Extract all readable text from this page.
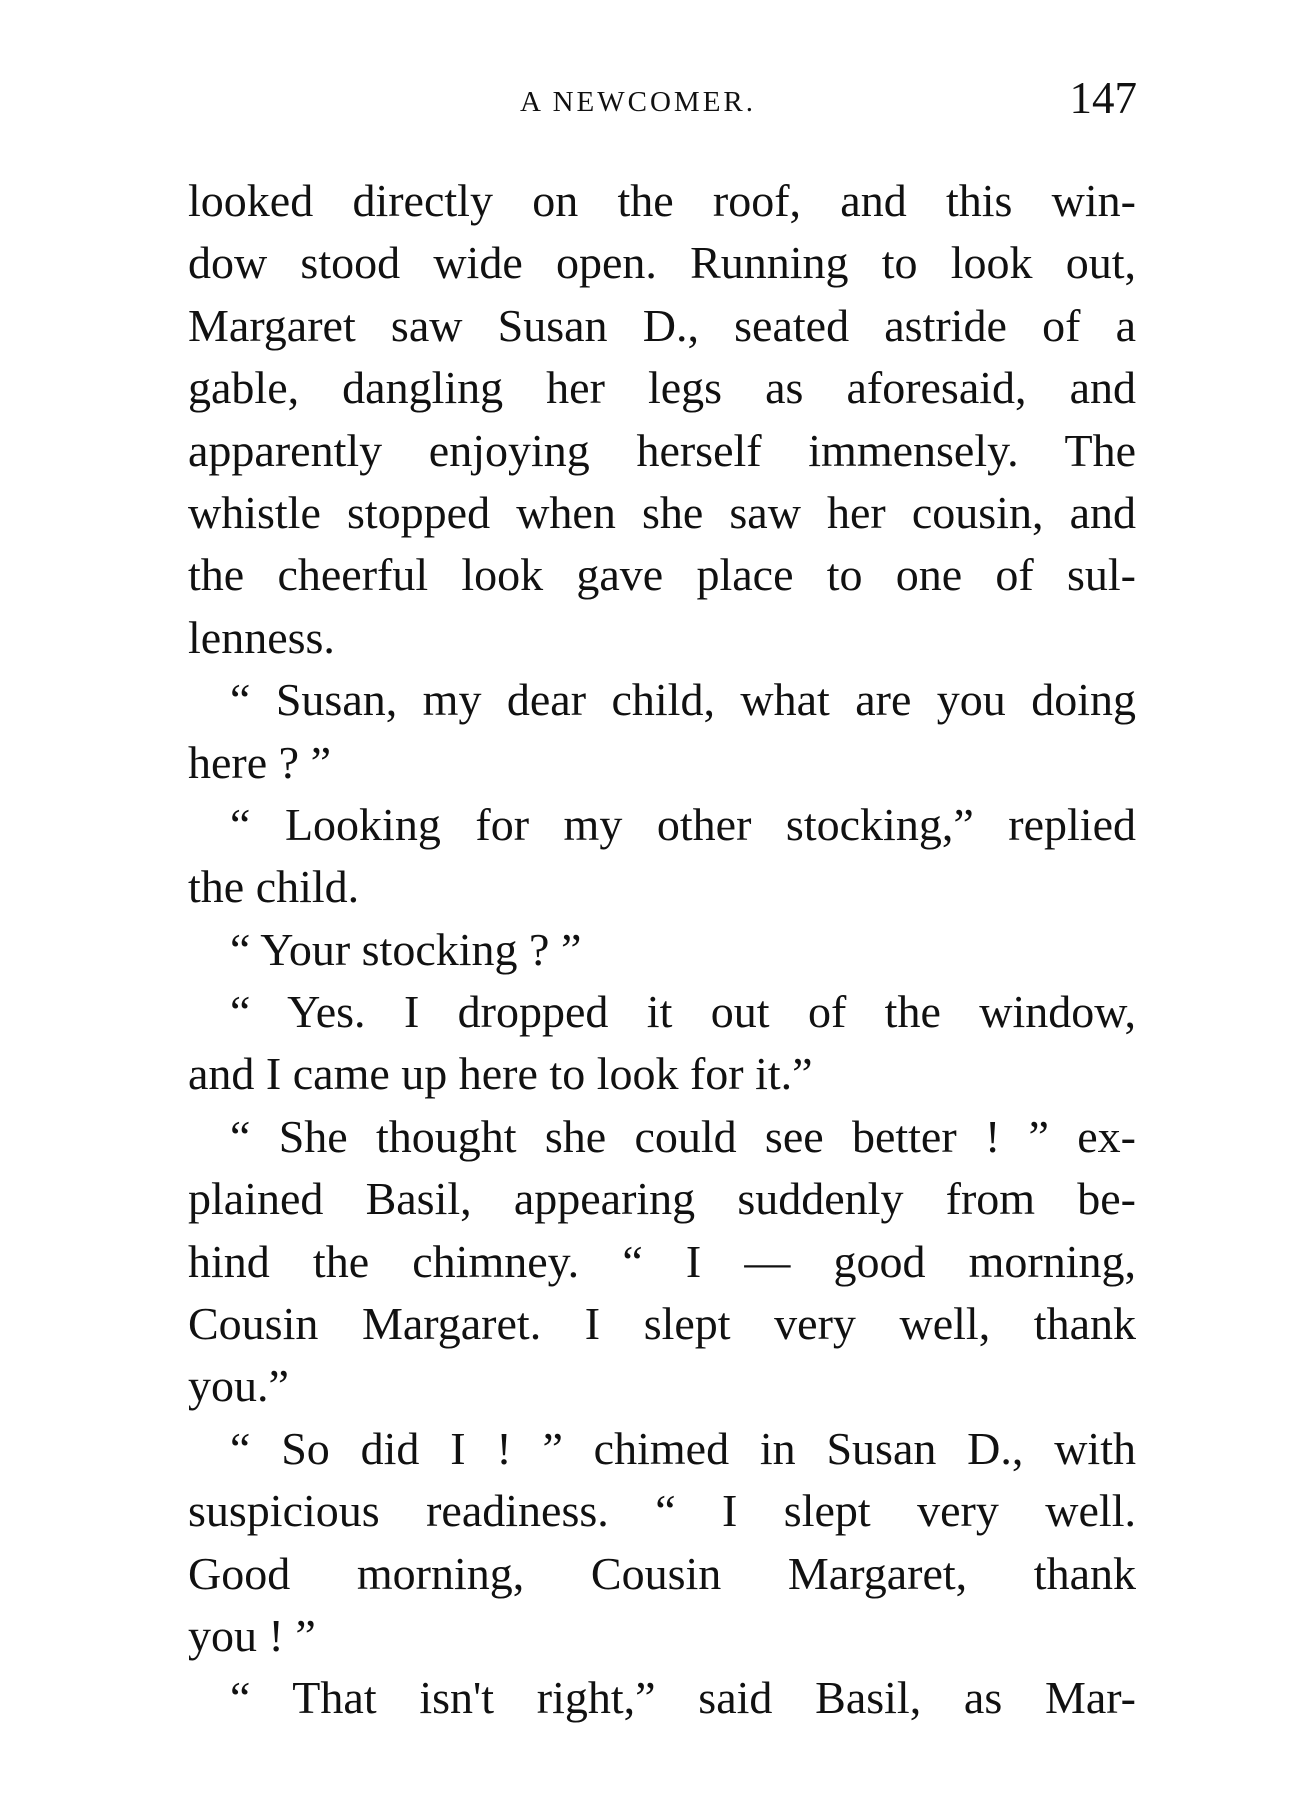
A NEWCOMER.	147
looked directly on the roof, and this win-
dow stood wide open. Running to look out,
Margaret saw Susan D., seated astride of a
gable, dangling her legs as aforesaid, and
apparently enjoying herself immensely. The
whistle stopped when she saw her cousin, and
the cheerful look gave place to one of sul-
lenness.
“ Susan, my dear child, what are you doing
here ? ”
“ Looking for my other stocking,” replied
the child.
“ Your stocking ? ”
“ Yes. I dropped it out of the window,
and I came up here to look for it.”
“ She thought she could see better ! ” ex-
plained Basil, appearing suddenly from be-
hind the chimney. “ I — good morning,
Cousin Margaret. I slept very well, thank
you.”
“ So did I ! ” chimed in Susan D., with
suspicious readiness. “ I slept very well.
Good morning, Cousin Margaret, thank
you ! ”
“ That isn't right,” said Basil, as Mar-
